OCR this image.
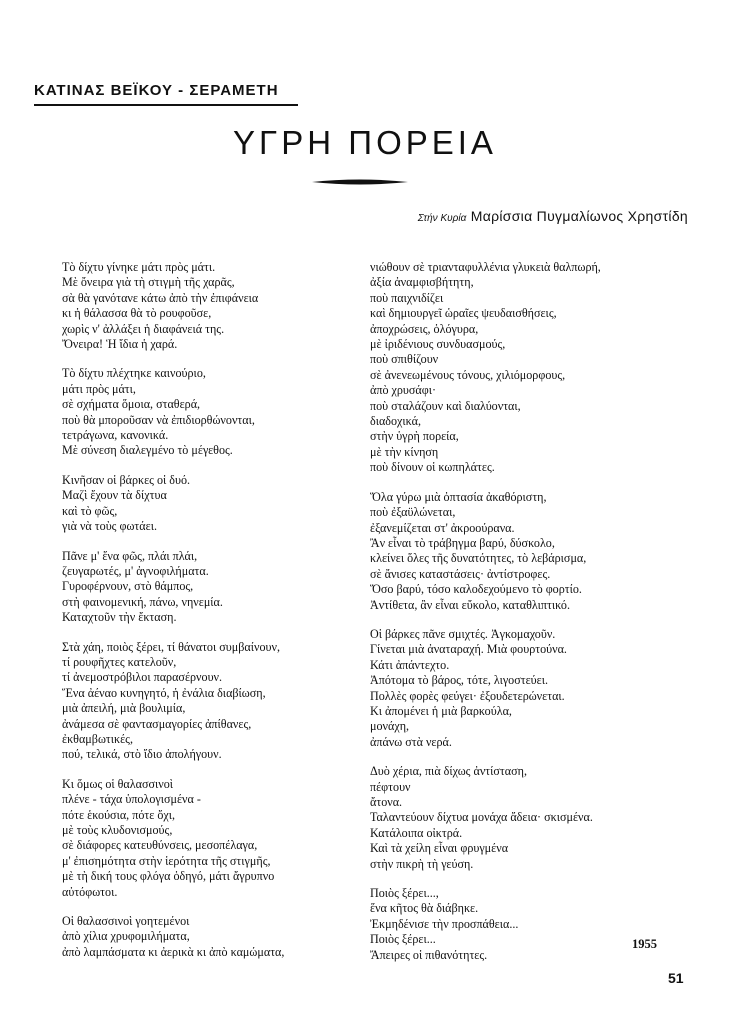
ΚΑΤΙΝΑΣ ΒΕΪΚΟΥ - ΣΕΡΑΜΕΤΗ
ΥΓΡΗ ΠΟΡΕΙΑ
Στήν Κυρία Μαρίσσια Πυγμαλίωνος Χρηστίδη
Τὸ δίχτυ γίνηκε μάτι πρὸς μάτι.
Μὲ ὄνειρα γιὰ τὴ στιγμὴ τῆς χαρᾶς,
σὰ θὰ γανότανε κάτω ἀπὸ τὴν ἐπιφάνεια
κι ἡ θάλασσα θὰ τὸ ρουφοῦσε,
χωρὶς ν' ἀλλάξει ἡ διαφάνειά της.
Ὄνειρα! Ἡ ἴδια ἡ χαρά.
Τὸ δίχτυ πλέχτηκε καινούριο,
μάτι πρὸς μάτι,
σὲ σχήματα ὅμοια, σταθερά,
ποὺ θὰ μποροῦσαν νὰ ἐπιδιορθώνονται,
τετράγωνα, κανονικά.
Μὲ σύνεση διαλεγμένο τὸ μέγεθος.
Κινῆσαν οἱ βάρκες οἱ δυό.
Μαζὶ ἔχουν τὰ δίχτυα
καὶ τὸ φῶς,
γιὰ νὰ τοὺς φωτάει.
Πᾶνε μ' ἕνα φῶς, πλάι πλάι,
ζευγαρωτές, μ' ἀγνοφιλήματα.
Γυροφέρνουν, στὸ θάμπος,
στὴ φαινομενική, πάνω, νηνεμία.
Καταχτοῦν τὴν ἔκταση.
Στὰ χάη, ποιὸς ξέρει, τί θάνατοι συμβαίνουν,
τί ρουφῆχτες κατελοῦν,
τί ἀνεμοστρόβιλοι παρασέρνουν.
Ἕνα ἀέναο κυνηγητό, ἡ ἐνάλια διαβίωση,
μιὰ ἀπειλή, μιὰ βουλιμία,
ἀνάμεσα σὲ φαντασμαγορίες ἀπίθανες,
ἐκθαμβωτικές,
πού, τελικά, στὸ ἴδιο ἀπολήγουν.
Κι ὅμως οἱ θαλασσινοὶ
πλένε - τάχα ὑπολογισμένα -
πότε ἑκούσια, πότε ὄχι,
μὲ τοὺς κλυδονισμούς,
σὲ διάφορες κατευθύνσεις, μεσοπέλαγα,
μ' ἐπισημότητα στὴν ἱερότητα τῆς στιγμῆς,
μὲ τὴ δική τους φλόγα ὁδηγό, μάτι ἄγρυπνο
αὐτόφωτοι.
Οἱ θαλασσινοὶ γοητεμένοι
ἀπὸ χίλια χρυφομιλήματα,
ἀπὸ λαμπάσματα κι ἀερικὰ κι ἀπὸ καμώματα,
νιώθουν σὲ τριανταφυλλένια γλυκειὰ θαλπωρή,
ἀξία ἀναμφισβήτητη,
ποὺ παιχνιδίζει
καὶ δημιουργεῖ ὡραῖες ψευδαισθήσεις,
ἀποχρώσεις, ὁλόγυρα,
μὲ ἰριδένιους συνδυασμούς,
ποὺ σπιθίζουν
σὲ ἀνενεωμένους τόνους, χιλιόμορφους,
ἀπὸ χρυσάφι·
ποὺ σταλάζουν καὶ διαλύονται,
διαδοχικά,
στὴν ὑγρὴ πορεία,
μὲ τὴν κίνηση
ποὺ δίνουν οἱ κωπηλάτες.
Ὅλα γύρω μιὰ ὀπτασία ἀκαθόριστη,
ποὺ ἐξαϋλώνεται,
ἐξανεμίζεται στ' ἀκροούρανα.
Ἂν εἶναι τὸ τράβηγμα βαρύ, δύσκολο,
κλείνει ὅλες τῆς δυνατότητες, τὸ λεβάρισμα,
σὲ ἄνισες καταστάσεις· ἀντίστροφες.
Ὅσο βαρύ, τόσο καλοδεχούμενο τὸ φορτίο.
Ἀντίθετα, ἂν εἶναι εὔκολο, καταθλιπτικό.
Οἱ βάρκες πᾶνε σμιχτές. Ἀγκομαχοῦν.
Γίνεται μιὰ ἀναταραχή. Μιὰ φουρτούνα.
Κάτι ἀπάντεχτο.
Ἀπότομα τὸ βάρος, τότε, λιγοστεύει.
Πολλὲς φορὲς φεύγει· ἐξουδετερώνεται.
Κι ἀπομένει ἡ μιὰ βαρκούλα,
μονάχη,
ἀπάνω στὰ νερά.
Δυὸ χέρια, πιὰ δίχως ἀντίσταση,
πέφτουν
ἄτονα.
Ταλαντεύουν δίχτυα μονάχα ἄδεια· σκισμένα.
Κατάλοιπα οἰκτρά.
Καὶ τὰ χείλη εἶναι φρυγμένα
στὴν πικρὴ τὴ γεύση.
Ποιὸς ξέρει...,
ἕνα κῆτος θὰ διάβηκε.
Ἐκμηδένισε τὴν προσπάθεια...
Ποιὸς ξέρει...
Ἄπειρες οἱ πιθανότητες.
1955
51
